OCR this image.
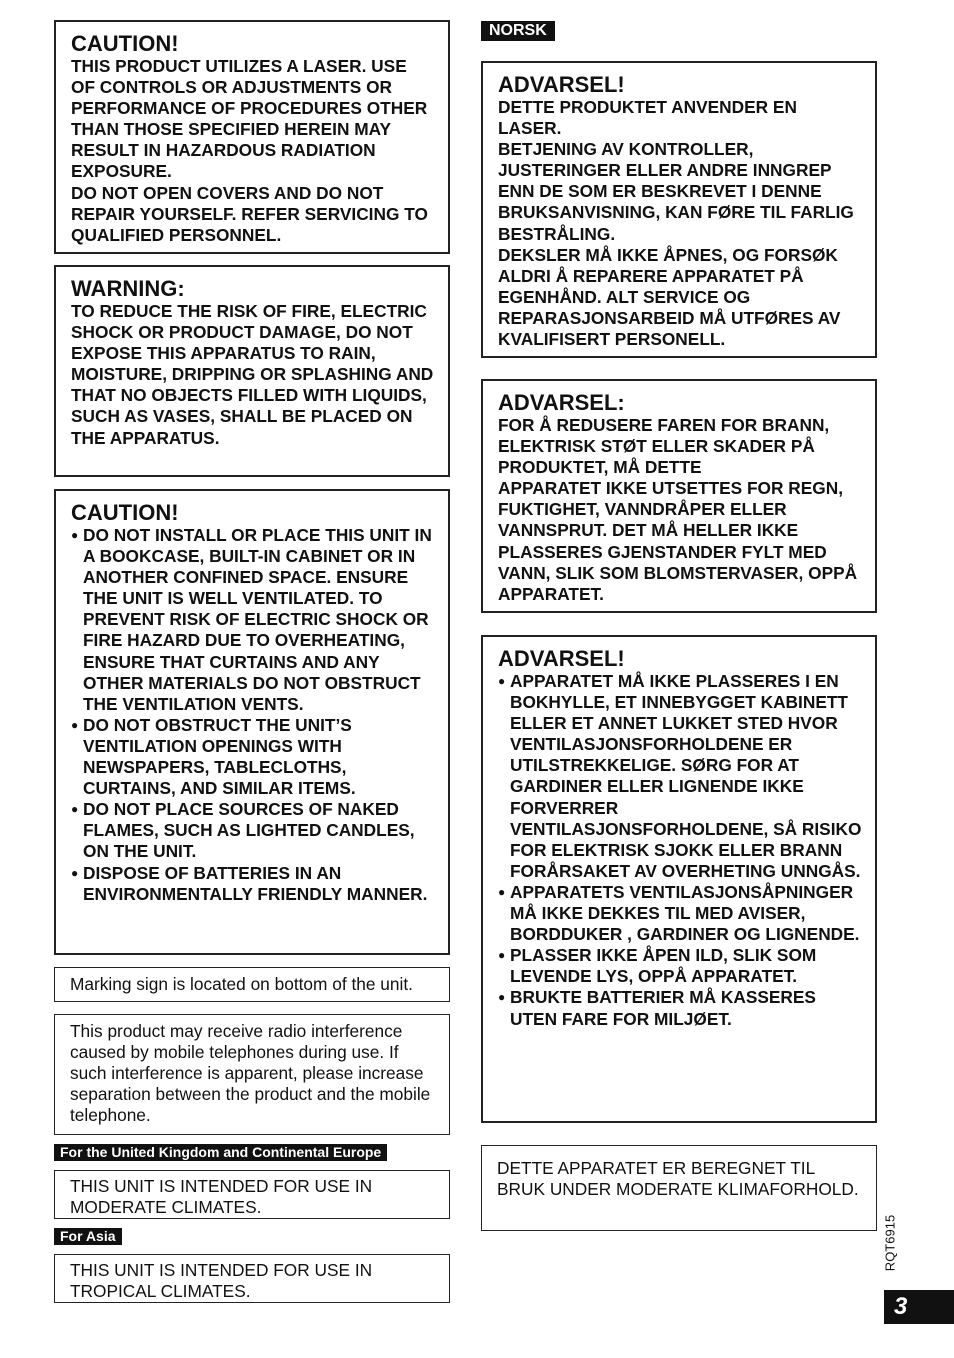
CAUTION!
THIS PRODUCT UTILIZES A LASER. USE OF CONTROLS OR ADJUSTMENTS OR PERFORMANCE OF PROCEDURES OTHER THAN THOSE SPECIFIED HEREIN MAY RESULT IN HAZARDOUS RADIATION EXPOSURE.
DO NOT OPEN COVERS AND DO NOT REPAIR YOURSELF. REFER SERVICING TO QUALIFIED PERSONNEL.
WARNING:
TO REDUCE THE RISK OF FIRE, ELECTRIC SHOCK OR PRODUCT DAMAGE, DO NOT EXPOSE THIS APPARATUS TO RAIN, MOISTURE, DRIPPING OR SPLASHING AND THAT NO OBJECTS FILLED WITH LIQUIDS, SUCH AS VASES, SHALL BE PLACED ON THE APPARATUS.
CAUTION!
● DO NOT INSTALL OR PLACE THIS UNIT IN A BOOKCASE, BUILT-IN CABINET OR IN ANOTHER CONFINED SPACE. ENSURE THE UNIT IS WELL VENTILATED. TO PREVENT RISK OF ELECTRIC SHOCK OR FIRE HAZARD DUE TO OVERHEATING, ENSURE THAT CURTAINS AND ANY OTHER MATERIALS DO NOT OBSTRUCT THE VENTILATION VENTS.
● DO NOT OBSTRUCT THE UNIT’S VENTILATION OPENINGS WITH NEWSPAPERS, TABLECLOTHS, CURTAINS, AND SIMILAR ITEMS.
● DO NOT PLACE SOURCES OF NAKED FLAMES, SUCH AS LIGHTED CANDLES, ON THE UNIT.
● DISPOSE OF BATTERIES IN AN ENVIRONMENTALLY FRIENDLY MANNER.
Marking sign is located on bottom of the unit.
This product may receive radio interference caused by mobile telephones during use. If such interference is apparent, please increase separation between the product and the mobile telephone.
For the United Kingdom and Continental Europe
THIS UNIT IS INTENDED FOR USE IN MODERATE CLIMATES.
For Asia
THIS UNIT IS INTENDED FOR USE IN TROPICAL CLIMATES.
NORSK
ADVARSEL!
DETTE PRODUKTET ANVENDER EN LASER.
BETJENING AV KONTROLLER, JUSTERINGER ELLER ANDRE INNGREP ENN DE SOM ER BESKREVET I DENNE BRUKSANVISNING, KAN FØRE TIL FARLIG BESTRÅLING.
DEKSLER MÅ IKKE ÅPNES, OG FORSØK ALDRI Å REPARERE APPARATET PÅ EGENHÅND. ALT SERVICE OG REPARASJONSARBEID MÅ UTFØRES AV KVALIFISERT PERSONELL.
ADVARSEL:
FOR Å REDUSERE FAREN FOR BRANN, ELEKTRISK STØT ELLER SKADER PÅ PRODUKTET, MÅ DETTE
APPARATET IKKE UTSETTES FOR REGN, FUKTIGHET, VANNDRÅPER ELLER VANNSPRUT. DET MÅ HELLER IKKE PLASSERES GJENSTANDER FYLT MED VANN, SLIK SOM BLOMSTERVASER, OPPÅ APPARATET.
ADVARSEL!
● APPARATET MÅ IKKE PLASSERES I EN BOKHYLLE, ET INNEBYGGET KABINETT ELLER ET ANNET LUKKET STED HVOR VENTILASJONSFORHOLDENE ER UTILSTREKKELIGE. SØRG FOR AT GARDINER ELLER LIGNENDE IKKE FORVERRER VENTILASJONSFORHOLDENE, SÅ RISIKO FOR ELEKTRISK SJOKK ELLER BRANN FORÅRSAKET AV OVERHETING UNNGÅS.
● APPARATETS VENTILASJONSÅPNINGER MÅ IKKE DEKKES TIL MED AVISER, BORDDUKER , GARDINER OG LIGNENDE.
● PLASSER IKKE ÅPEN ILD, SLIK SOM LEVENDE LYS, OPPÅ APPARATET.
● BRUKTE BATTERIER MÅ KASSERES UTEN FARE FOR MILJØET.
DETTE APPARATET ER BEREGNET TIL BRUK UNDER MODERATE KLIMAFORHOLD.
RQT6915
3
